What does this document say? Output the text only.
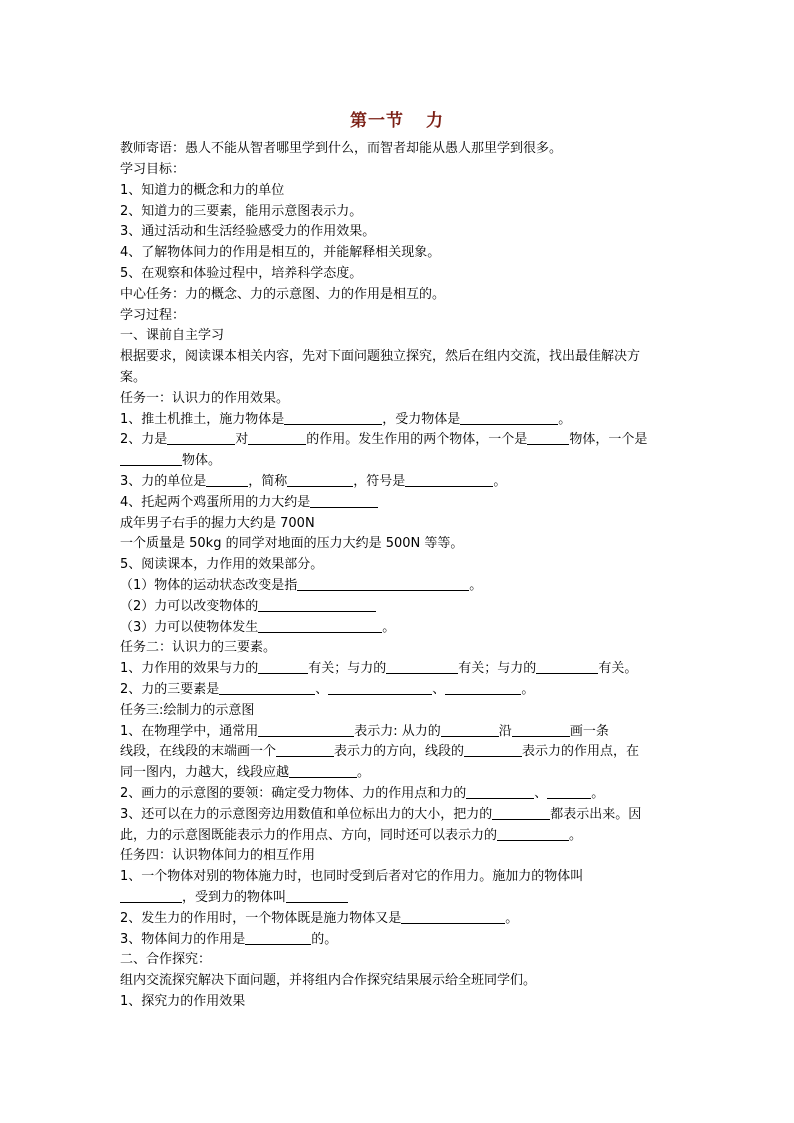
第一节 力
教师寄语：愚人不能从智者哪里学到什么，而智者却能从愚人那里学到很多。
学习目标：
1、知道力的概念和力的单位
2、知道力的三要素，能用示意图表示力。
3、通过活动和生活经验感受力的作用效果。
4、了解物体间力的作用是相互的，并能解释相关现象。
5、在观察和体验过程中，培养科学态度。
中心任务：力的概念、力的示意图、力的作用是相互的。
学习过程：
一、课前自主学习
根据要求，阅读课本相关内容，先对下面问题独立探究，然后在组内交流，找出最佳解决方
案。
任务一：认识力的作用效果。
1、推土机推土，施力物体是	，受力物体是	。
2、力是	对	的作用。发生作用的两个物体，一个是	物体，一个是
物体。
3、力的单位是	，简称	，符号是	。
4、托起两个鸡蛋所用的力大约是
成年男子右手的握力大约是 700N
一个质量是 50kg 的同学对地面的压力大约是 500N 等等。
5、阅读课本，力作用的效果部分。
（1）物体的运动状态改变是指	。
（2）力可以改变物体的
（3）力可以使物体发生	。
任务二：认识力的三要素。
1、力作用的效果与力的	有关；与力的	有关；与力的	有关。
2、力的三要素是	、	、	。
任务三:绘制力的示意图
1、在物理学中，通常用	表示力: 从力的	沿	画一条
线段，在线段的末端画一个	表示力的方向，线段的	表示力的作用点，在
同一图内，力越大，线段应越	。
2、画力的示意图的要领：确定受力物体、力的作用点和力的	、	。
3、还可以在力的示意图旁边用数值和单位标出力的大小，把力的	都表示出来。因
此，力的示意图既能表示力的作用点、方向，同时还可以表示力的	。
任务四：认识物体间力的相互作用
1、一个物体对别的物体施力时，也同时受到后者对它的作用力。施加力的物体叫
，受到力的物体叫
2、发生力的作用时，一个物体既是施力物体又是	。
3、物体间力的作用是	的。
二、合作探究：
组内交流探究解决下面问题，并将组内合作探究结果展示给全班同学们。
1、探究力的作用效果
